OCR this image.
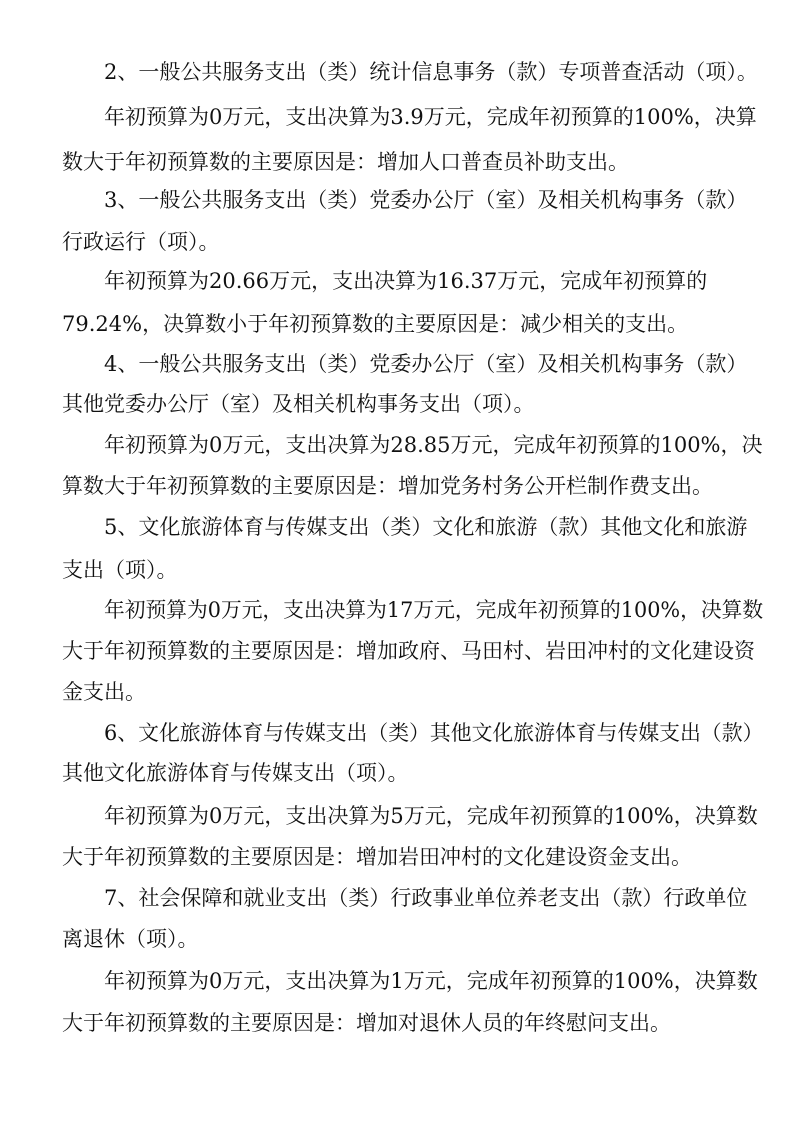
2、一般公共服务支出（类）统计信息事务（款）专项普查活动（项）。
年初预算为0万元，支出决算为3.9万元，完成年初预算的100%，决算
数大于年初预算数的主要原因是：增加人口普查员补助支出。
3、一般公共服务支出（类）党委办公厅（室）及相关机构事务（款）
行政运行（项）。
年初预算为20.66万元，支出决算为16.37万元，完成年初预算的
79.24%，决算数小于年初预算数的主要原因是：减少相关的支出。
4、一般公共服务支出（类）党委办公厅（室）及相关机构事务（款）
其他党委办公厅（室）及相关机构事务支出（项）。
年初预算为0万元，支出决算为28.85万元，完成年初预算的100%，决
算数大于年初预算数的主要原因是：增加党务村务公开栏制作费支出。
5、文化旅游体育与传媒支出（类）文化和旅游（款）其他文化和旅游
支出（项）。
年初预算为0万元，支出决算为17万元，完成年初预算的100%，决算数
大于年初预算数的主要原因是：增加政府、马田村、岩田冲村的文化建设资
金支出。
6、文化旅游体育与传媒支出（类）其他文化旅游体育与传媒支出（款）
其他文化旅游体育与传媒支出（项）。
年初预算为0万元，支出决算为5万元，完成年初预算的100%，决算数
大于年初预算数的主要原因是：增加岩田冲村的文化建设资金支出。
7、社会保障和就业支出（类）行政事业单位养老支出（款）行政单位
离退休（项）。
年初预算为0万元，支出决算为1万元，完成年初预算的100%，决算数
大于年初预算数的主要原因是：增加对退休人员的年终慰问支出。
